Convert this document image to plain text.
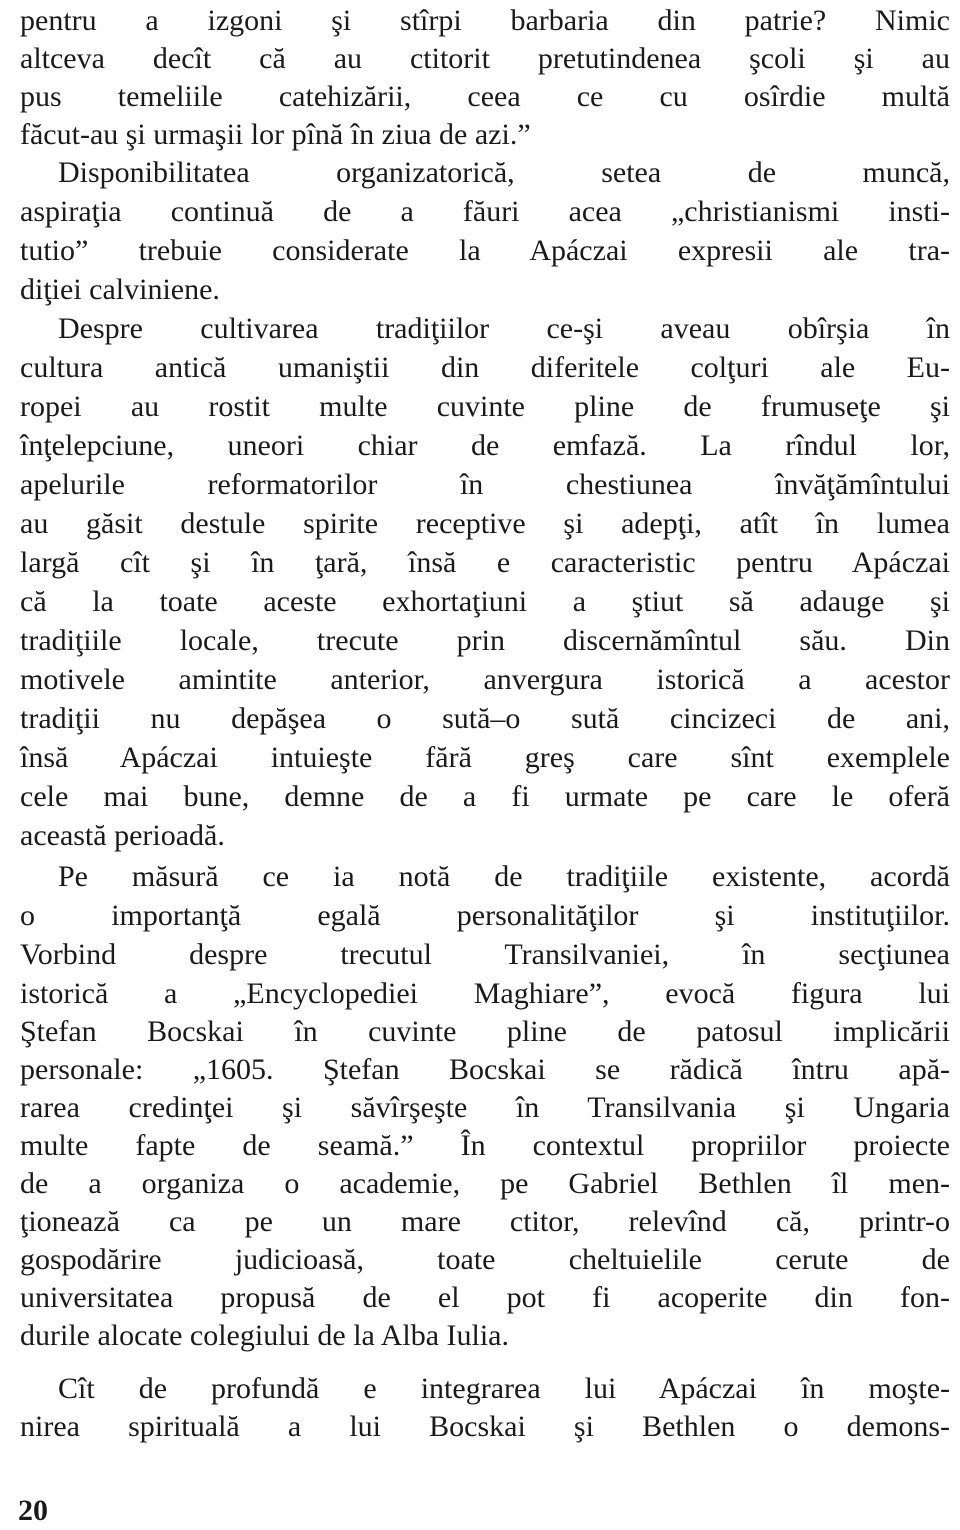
pentru a izgoni şi stîrpi barbaria din patrie? Nimic
altceva decît că au ctitorit pretutindenea şcoli şi au
pus temeliile catehizării, ceea ce cu osîrdie multă
făcut-au şi urmaşii lor pînă în ziua de azi.”
Disponibilitatea organizatorică, setea de muncă,
aspiraţia continuă de a făuri acea „christianismi insti-
tutio” trebuie considerate la Apáczai expresii ale tra-
diţiei calviniene.
Despre cultivarea tradiţiilor ce-şi aveau obîrşia în
cultura antică umaniştii din diferitele colţuri ale Eu-
ropei au rostit multe cuvinte pline de frumuseţe şi
înţelepciune, uneori chiar de emfază. La rîndul lor,
apelurile reformatorilor în chestiunea învăţămîntului
au găsit destule spirite receptive şi adepţi, atît în lumea
largă cît şi în ţară, însă e caracteristic pentru Apáczai
că la toate aceste exhortaţiuni a ştiut să adauge şi
tradiţiile locale, trecute prin discernămîntul său. Din
motivele amintite anterior, anvergura istorică a acestor
tradiţii nu depăşea o sută–o sută cincizeci de ani,
însă Apáczai intuieşte fără greş care sînt exemplele
cele mai bune, demne de a fi urmate pe care le oferă
această perioadă.
Pe măsură ce ia notă de tradiţiile existente, acordă
o importanţă egală personalităţilor şi instituţiilor.
Vorbind despre trecutul Transilvaniei, în secţiunea
istorică a „Encyclopediei Maghiare”, evocă figura lui
Ştefan Bocskai în cuvinte pline de patosul implicării
personale: „1605. Ştefan Bocskai se rădică întru apă-
rarea credinţei şi săvîrşeşte în Transilvania şi Ungaria
multe fapte de seamă.” În contextul propriilor proiecte
de a organiza o academie, pe Gabriel Bethlen îl men-
ţionează ca pe un mare ctitor, relevînd că, printr-o
gospodărire judicioasă, toate cheltuielile cerute de
universitatea propusă de el pot fi acoperite din fon-
durile alocate colegiului de la Alba Iulia.
Cît de profundă e integrarea lui Apáczai în moşte-
nirea spirituală a lui Bocskai şi Bethlen o demons-
20
